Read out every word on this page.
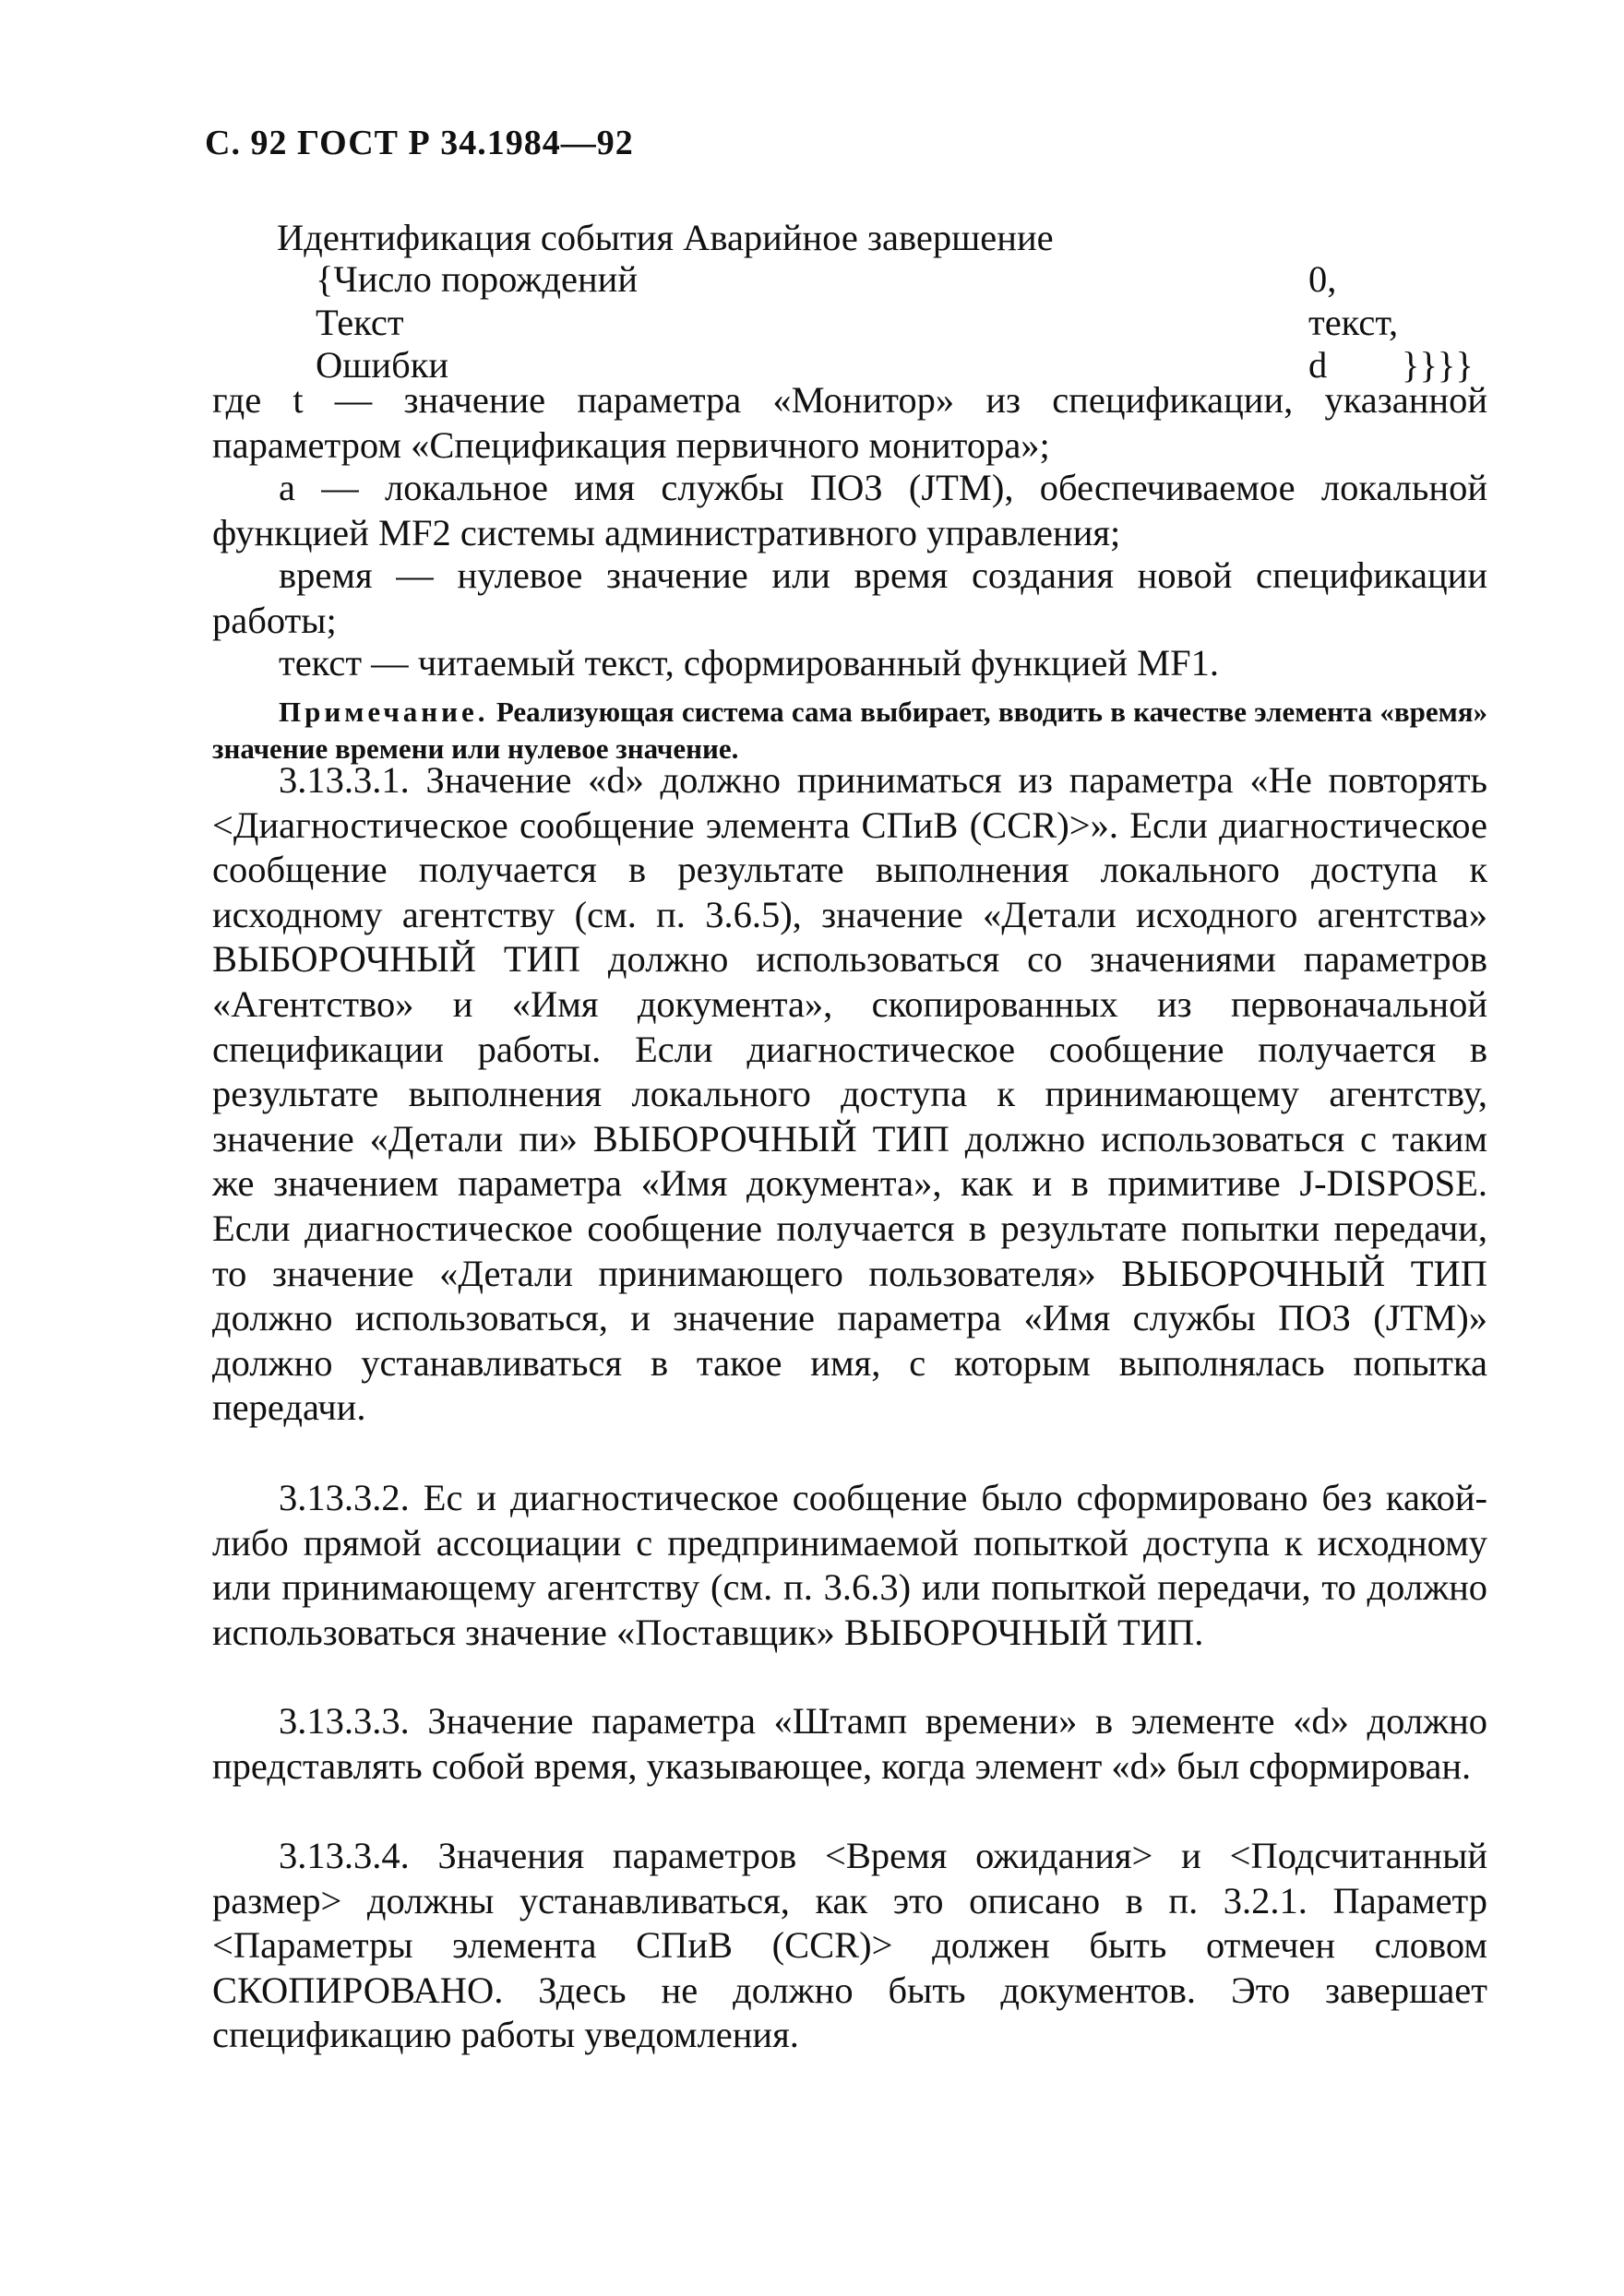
С. 92 ГОСТ Р 34.1984—92
Идентификация события Аварийное завершение
{Число порождений	0,
Текст	текст,
Ошибки	d }}}}
где t — значение параметра «Монитор» из спецификации, указанной параметром «Спецификация первичного монитора»;
а — локальное имя службы ПОЗ (JTM), обеспечиваемое локальной функцией MF2 системы административного управления;
время — нулевое значение или время создания новой спецификации работы;
текст — читаемый текст, сформированный функцией MF1.
Примечание. Реализующая система сама выбирает, вводить в качестве элемента «время» значение времени или нулевое значение.
3.13.3.1. Значение «d» должно приниматься из параметра «Не повторять <Диагностическое сообщение элемента СПиВ (CCR)>». Если диагностическое сообщение получается в результате выполнения локального доступа к исходному агентству (см. п. 3.6.5), значение «Детали исходного агентства» ВЫБОРОЧНЫЙ ТИП должно использоваться со значениями параметров «Агентство» и «Имя документа», скопированных из первоначальной спецификации работы. Если диагностическое сообщение получается в результате выполнения локального доступа к принимающему агентству, значение «Детали пи» ВЫБОРОЧНЫЙ ТИП должно использоваться с таким же значением параметра «Имя документа», как и в примитиве J-DISPOSE. Если диагностическое сообщение получается в результате попытки передачи, то значение «Детали принимающего пользователя» ВЫБОРОЧНЫЙ ТИП должно использоваться, и значение параметра «Имя службы ПОЗ (JTM)» должно устанавливаться в такое имя, с которым выполнялась попытка передачи.
3.13.3.2. Ес и диагностическое сообщение было сформировано без какой-либо прямой ассоциации с предпринимаемой попыткой доступа к исходному или принимающему агентству (см. п. 3.6.3) или попыткой передачи, то должно использоваться значение «Поставщик» ВЫБОРОЧНЫЙ ТИП.
3.13.3.3. Значение параметра «Штамп времени» в элементе «d» должно представлять собой время, указывающее, когда элемент «d» был сформирован.
3.13.3.4. Значения параметров <Время ожидания> и <Подсчитанный размер> должны устанавливаться, как это описано в п. 3.2.1. Параметр <Параметры элемента СПиВ (CCR)> должен быть отмечен словом СКОПИРОВАНО. Здесь не должно быть документов. Это завершает спецификацию работы уведомления.
